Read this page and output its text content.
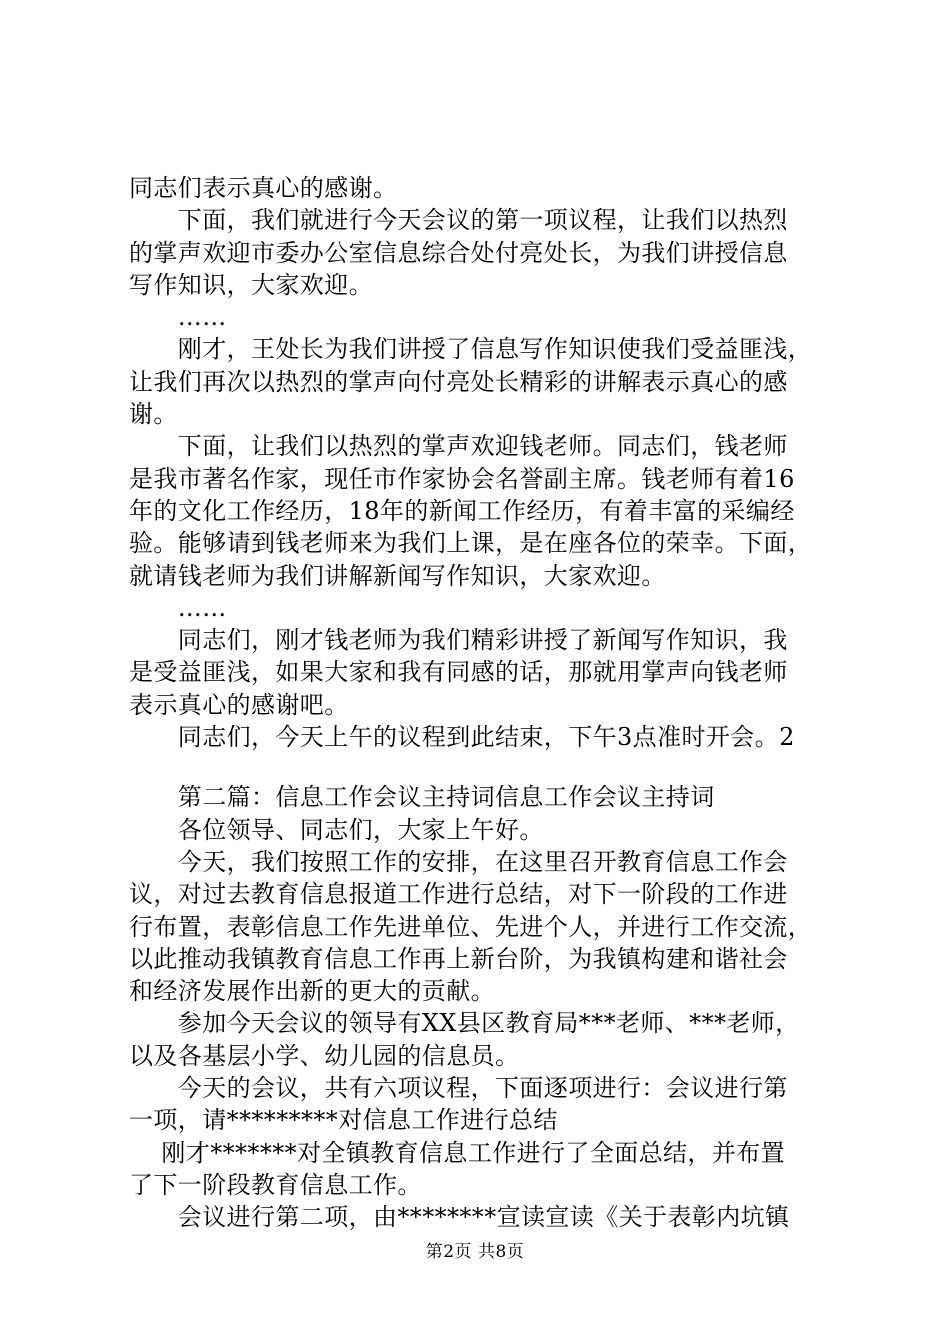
同志们表示真心的感谢。
　　下面，我们就进行今天会议的第一项议程，让我们以热烈
的掌声欢迎市委办公室信息综合处付亮处长，为我们讲授信息
写作知识，大家欢迎。
　　……
　　刚才，王处长为我们讲授了信息写作知识使我们受益匪浅，
让我们再次以热烈的掌声向付亮处长精彩的讲解表示真心的感
谢。
　　下面，让我们以热烈的掌声欢迎钱老师。同志们，钱老师
是我市著名作家，现任市作家协会名誉副主席。钱老师有着16
年的文化工作经历，18年的新闻工作经历，有着丰富的采编经
验。能够请到钱老师来为我们上课，是在座各位的荣幸。下面，
就请钱老师为我们讲解新闻写作知识，大家欢迎。
　　……
　　同志们，刚才钱老师为我们精彩讲授了新闻写作知识，我
是受益匪浅，如果大家和我有同感的话，那就用掌声向钱老师
表示真心的感谢吧。
　　同志们，今天上午的议程到此结束，下午3点准时开会。2
　　第二篇：信息工作会议主持词信息工作会议主持词
　　各位领导、同志们，大家上午好。
　　今天，我们按照工作的安排，在这里召开教育信息工作会
议，对过去教育信息报道工作进行总结，对下一阶段的工作进
行布置，表彰信息工作先进单位、先进个人，并进行工作交流，
以此推动我镇教育信息工作再上新台阶，为我镇构建和谐社会
和经济发展作出新的更大的贡献。
　　参加今天会议的领导有XX县区教育局***老师、***老师，
以及各基层小学、幼儿园的信息员。
　　今天的会议，共有六项议程，下面逐项进行：会议进行第
一项，请*********对信息工作进行总结
　 刚才*******对全镇教育信息工作进行了全面总结，并布置
了下一阶段教育信息工作。
　　会议进行第二项，由********宣读宣读《关于表彰内坑镇
第2页 共8页
